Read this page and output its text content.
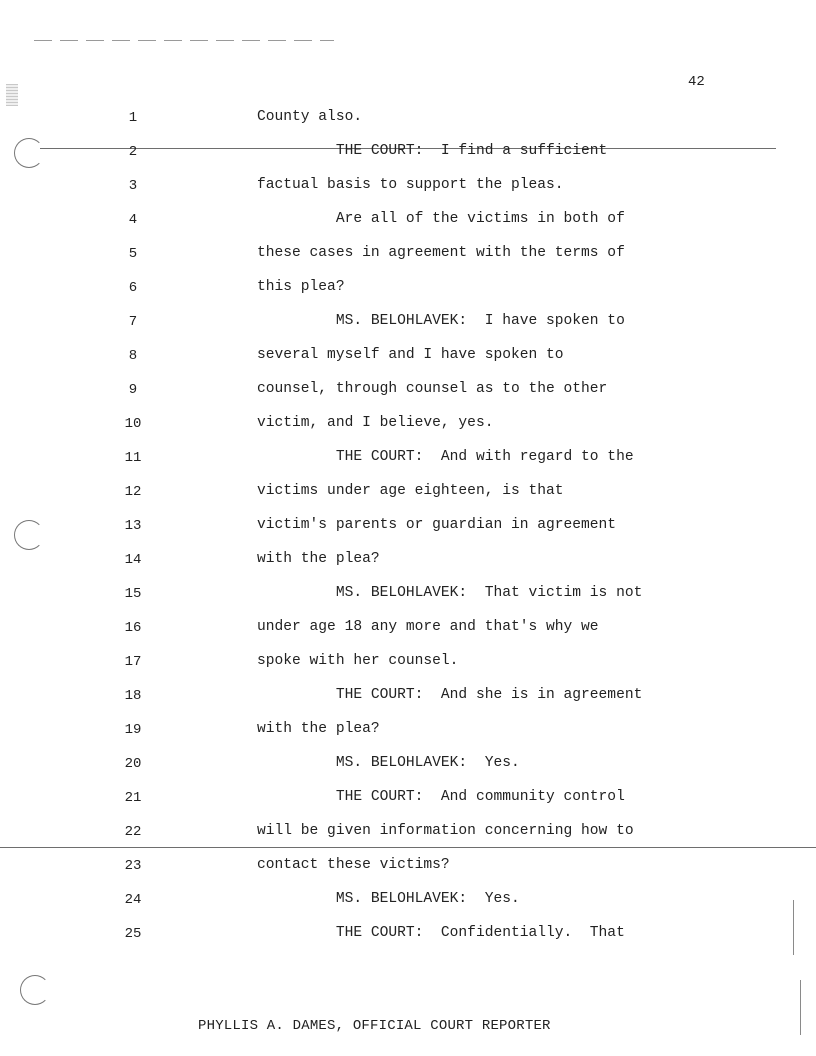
42
1	County also.
2	THE COURT:  I find a sufficient
3	factual basis to support the pleas.
4	Are all of the victims in both of
5	these cases in agreement with the terms of
6	this plea?
7	MS. BELOHLAVEK:  I have spoken to
8	several myself and I have spoken to
9	counsel, through counsel as to the other
10	victim, and I believe, yes.
11	THE COURT:  And with regard to the
12	victims under age eighteen, is that
13	victim's parents or guardian in agreement
14	with the plea?
15	MS. BELOHLAVEK:  That victim is not
16	under age 18 any more and that's why we
17	spoke with her counsel.
18	THE COURT:  And she is in agreement
19	with the plea?
20	MS. BELOHLAVEK:  Yes.
21	THE COURT:  And community control
22	will be given information concerning how to
23	contact these victims?
24	MS. BELOHLAVEK:  Yes.
25	THE COURT:  Confidentially.  That
PHYLLIS A. DAMES, OFFICIAL COURT REPORTER
